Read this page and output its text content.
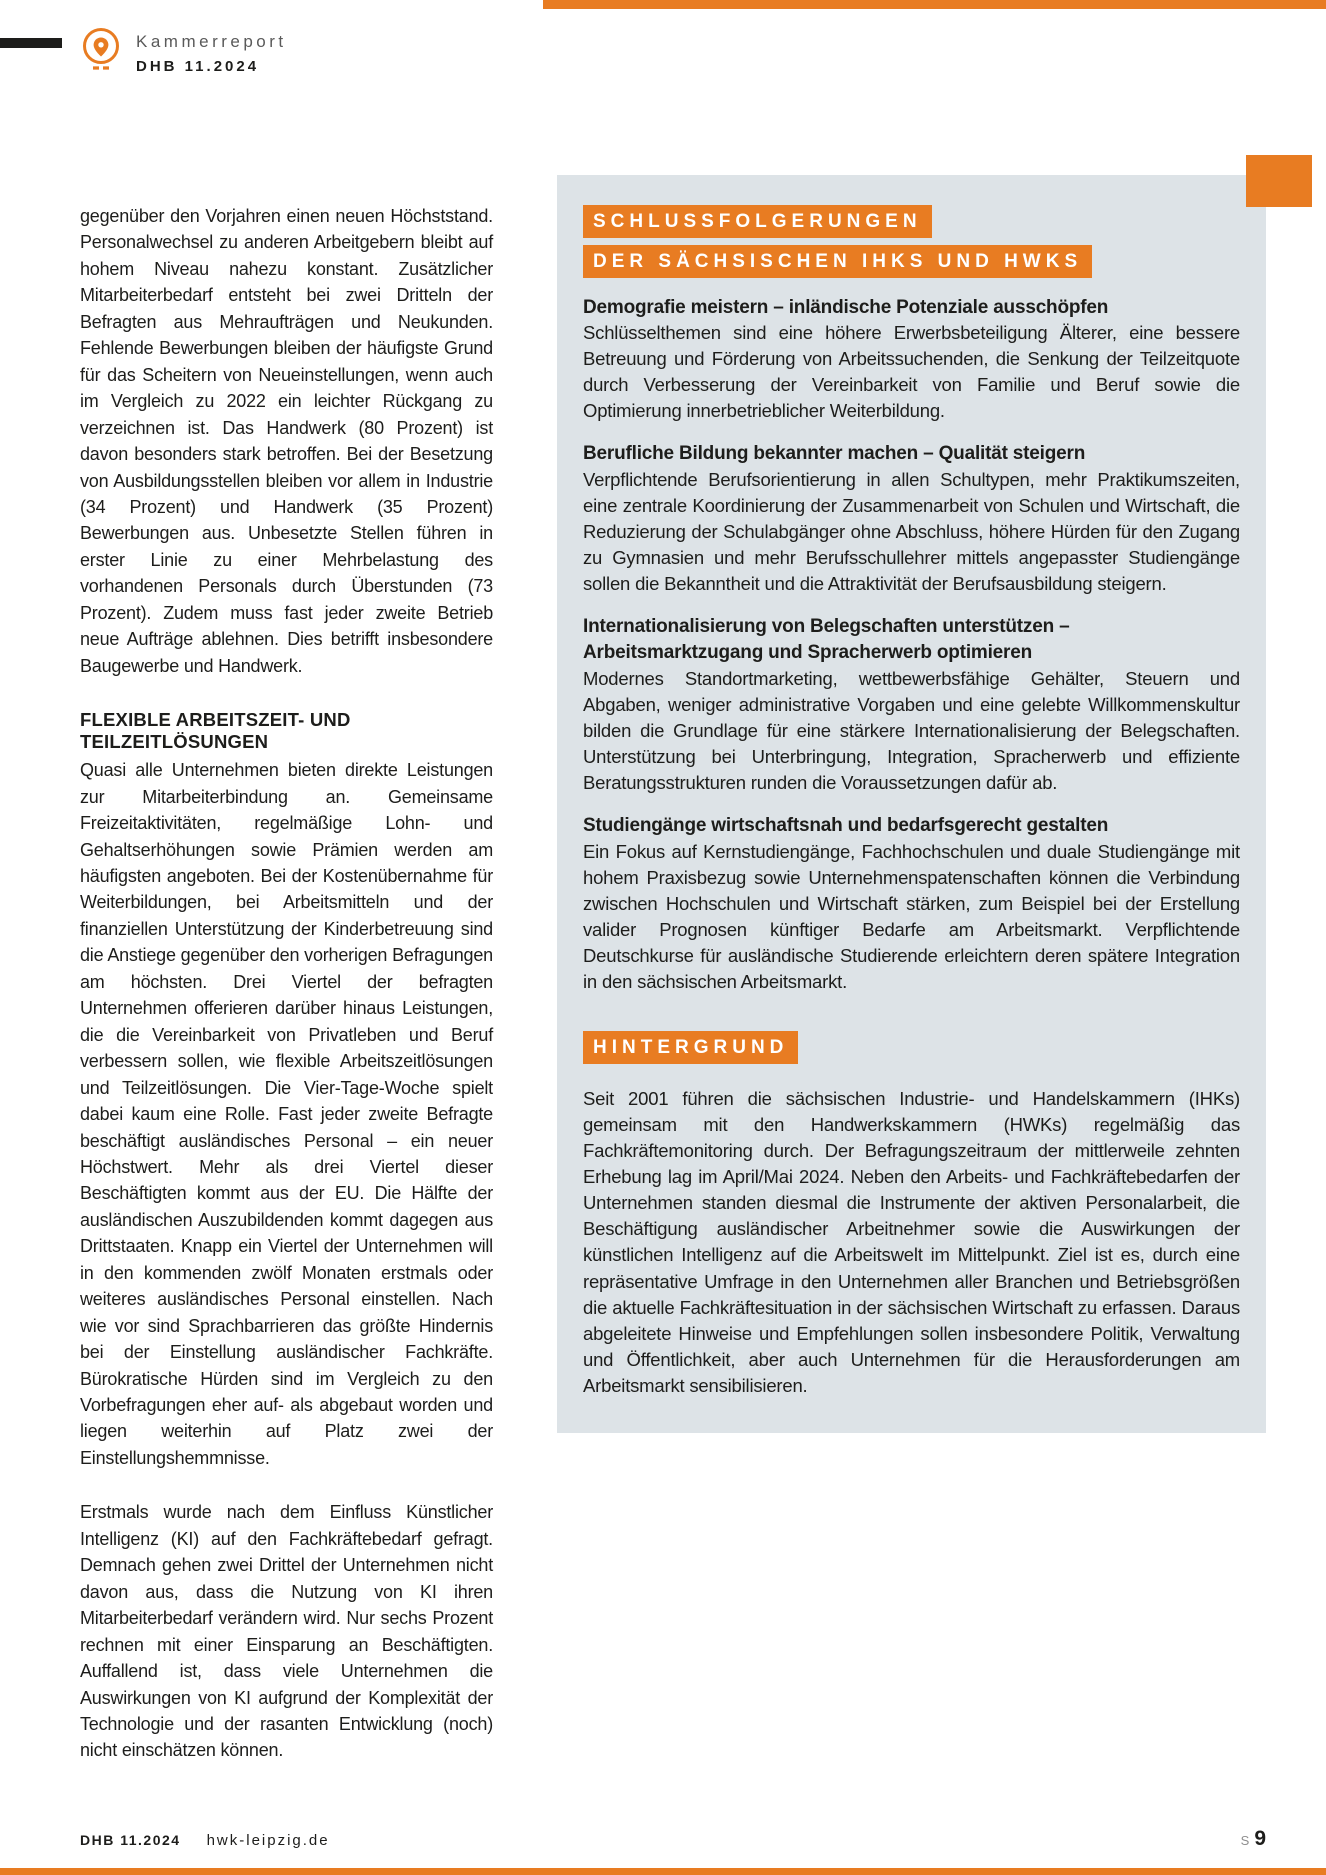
Kammerreport
DHB 11.2024

gegenüber den Vorjahren einen neuen Höchststand. Personalwechsel zu anderen Arbeitgebern bleibt auf hohem Niveau nahezu konstant. Zusätzlicher Mitarbeiterbedarf entsteht bei zwei Dritteln der Befragten aus Mehraufträgen und Neukunden. Fehlende Bewerbungen bleiben der häufigste Grund für das Scheitern von Neueinstellungen, wenn auch im Vergleich zu 2022 ein leichter Rückgang zu verzeichnen ist. Das Handwerk (80 Prozent) ist davon besonders stark betroffen. Bei der Besetzung von Ausbildungsstellen bleiben vor allem in Industrie (34 Prozent) und Handwerk (35 Prozent) Bewerbungen aus. Unbesetzte Stellen führen in erster Linie zu einer Mehrbelastung des vorhandenen Personals durch Überstunden (73 Prozent). Zudem muss fast jeder zweite Betrieb neue Aufträge ablehnen. Dies betrifft insbesondere Baugewerbe und Handwerk.

FLEXIBLE ARBEITSZEIT- UND TEILZEITLÖSUNGEN

Quasi alle Unternehmen bieten direkte Leistungen zur Mitarbeiterbindung an. Gemeinsame Freizeitaktivitäten, regelmäßige Lohn- und Gehaltserhöhungen sowie Prämien werden am häufigsten angeboten. Bei der Kostenübernahme für Weiterbildungen, bei Arbeitsmitteln und der finanziellen Unterstützung der Kinderbetreuung sind die Anstiege gegenüber den vorherigen Befragungen am höchsten. Drei Viertel der befragten Unternehmen offerieren darüber hinaus Leistungen, die die Vereinbarkeit von Privatleben und Beruf verbessern sollen, wie flexible Arbeitszeitlösungen und Teilzeitlösungen. Die Vier-Tage-Woche spielt dabei kaum eine Rolle. Fast jeder zweite Befragte beschäftigt ausländisches Personal – ein neuer Höchstwert. Mehr als drei Viertel dieser Beschäftigten kommt aus der EU. Die Hälfte der ausländischen Auszubildenden kommt dagegen aus Drittstaaten. Knapp ein Viertel der Unternehmen will in den kommenden zwölf Monaten erstmals oder weiteres ausländisches Personal einstellen. Nach wie vor sind Sprachbarrieren das größte Hindernis bei der Einstellung ausländischer Fachkräfte. Bürokratische Hürden sind im Vergleich zu den Vorbefragungen eher auf- als abgebaut worden und liegen weiterhin auf Platz zwei der Einstellungshemmnisse.

Erstmals wurde nach dem Einfluss Künstlicher Intelligenz (KI) auf den Fachkräftebedarf gefragt. Demnach gehen zwei Drittel der Unternehmen nicht davon aus, dass die Nutzung von KI ihren Mitarbeiterbedarf verändern wird. Nur sechs Prozent rechnen mit einer Einsparung an Beschäftigten. Auffallend ist, dass viele Unternehmen die Auswirkungen von KI aufgrund der Komplexität der Technologie und der rasanten Entwicklung (noch) nicht einschätzen können.

SCHLUSSFOLGERUNGEN
DER SÄCHSISCHEN IHKS UND HWKS
Demografie meistern – inländische Potenziale ausschöpfen

Schlüsselthemen sind eine höhere Erwerbsbeteiligung Älterer, eine bessere Betreuung und Förderung von Arbeitssuchenden, die Senkung der Teilzeitquote durch Verbesserung der Vereinbarkeit von Familie und Beruf sowie die Optimierung innerbetrieblicher Weiterbildung.

Berufliche Bildung bekannter machen – Qualität steigern

Verpflichtende Berufsorientierung in allen Schultypen, mehr Praktikumszeiten, eine zentrale Koordinierung der Zusammenarbeit von Schulen und Wirtschaft, die Reduzierung der Schulabgänger ohne Abschluss, höhere Hürden für den Zugang zu Gymnasien und mehr Berufsschullehrer mittels angepasster Studiengänge sollen die Bekanntheit und die Attraktivität der Berufsausbildung steigern.

Internationalisierung von Belegschaften unterstützen – Arbeitsmarktzugang und Spracherwerb optimieren

Modernes Standortmarketing, wettbewerbsfähige Gehälter, Steuern und Abgaben, weniger administrative Vorgaben und eine gelebte Willkommenskultur bilden die Grundlage für eine stärkere Internationalisierung der Belegschaften. Unterstützung bei Unterbringung, Integration, Spracherwerb und effiziente Beratungsstrukturen runden die Voraussetzungen dafür ab.

Studiengänge wirtschaftsnah und bedarfsgerecht gestalten

Ein Fokus auf Kernstudiengänge, Fachhochschulen und duale Studiengänge mit hohem Praxisbezug sowie Unternehmenspatenschaften können die Verbindung zwischen Hochschulen und Wirtschaft stärken, zum Beispiel bei der Erstellung valider Prognosen künftiger Bedarfe am Arbeitsmarkt. Verpflichtende Deutschkurse für ausländische Studierende erleichtern deren spätere Integration in den sächsischen Arbeitsmarkt.

HINTERGRUND

Seit 2001 führen die sächsischen Industrie- und Handelskammern (IHKs) gemeinsam mit den Handwerkskammern (HWKs) regelmäßig das Fachkräftemonitoring durch. Der Befragungszeitraum der mittlerweile zehnten Erhebung lag im April/Mai 2024. Neben den Arbeits- und Fachkräftebedarfen der Unternehmen standen diesmal die Instrumente der aktiven Personalarbeit, die Beschäftigung ausländischer Arbeitnehmer sowie die Auswirkungen der künstlichen Intelligenz auf die Arbeitswelt im Mittelpunkt. Ziel ist es, durch eine repräsentative Umfrage in den Unternehmen aller Branchen und Betriebsgrößen die aktuelle Fachkräftesituation in der sächsischen Wirtschaft zu erfassen. Daraus abgeleitete Hinweise und Empfehlungen sollen insbesondere Politik, Verwaltung und Öffentlichkeit, aber auch Unternehmen für die Herausforderungen am Arbeitsmarkt sensibilisieren.

DHB 11.2024 hwk-leipzig.de	S 9
